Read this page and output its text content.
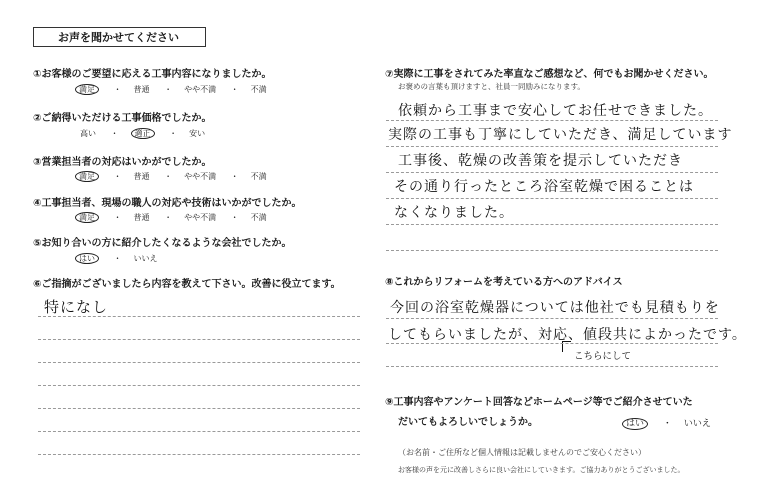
お声を聞かせてください
①お客様のご要望に応える工事内容になりましたか。
満足 ・ 普通 ・ やや不満 ・ 不満
②ご納得いただける工事価格でしたか。
高い ・ 適正 ・ 安い
③営業担当者の対応はいかがでしたか。
満足 ・ 普通 ・ やや不満 ・ 不満
④工事担当者、現場の職人の対応や技術はいかがでしたか。
満足 ・ 普通 ・ やや不満 ・ 不満
⑤お知り合いの方に紹介したくなるような会社でしたか。
はい ・ いいえ
⑥ご指摘がございましたら内容を教えて下さい。改善に役立てます。
特になし
⑦実際に工事をされてみた率直なご感想など、何でもお聞かせください。
お褒めの言葉も頂けますと、社員一同励みになります。
依頼から工事まで安心してお任せできました。
実際の工事も丁寧にしていただき、満足しています
工事後、乾燥の改善策を提示していただき
その通り行ったところ浴室乾燥で困ることは
なくなりました。
⑧これからリフォームを考えている方へのアドバイス
今回の浴室乾燥器については他社でも見積もりを
してもらいましたが、対応、値段共によかったです。
こちらにして
⑨工事内容やアンケート回答などホームページ等でご紹介させていた
だいてもよろしいでしょうか。	はい ・ いいえ
（お名前・ご住所など個人情報は記載しませんのでご安心ください）
お客様の声を元に改善しさらに良い会社にしていきます。ご協力ありがとうございました。
